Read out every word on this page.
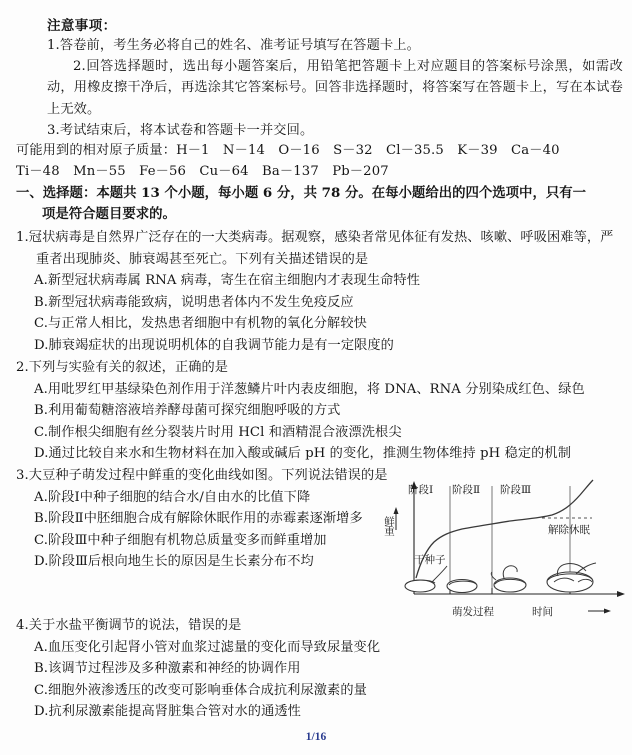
注意事项：
1.答卷前，考生务必将自己的姓名、准考证号填写在答题卡上。
2.回答选择题时，选出每小题答案后，用铅笔把答题卡上对应题目的答案标号涂黑，如需改动，用橡皮擦干净后，再选涂其它答案标号。回答非选择题时，将答案写在答题卡上，写在本试卷上无效。
3.考试结束后，将本试卷和答题卡一并交回。
可能用到的相对原子质量：H－1　N－14　O－16　S－32　Cl－35.5　K－39　Ca－40
Ti－48　Mn－55　Fe－56　Cu－64　Ba－137　Pb－207
一、选择题：本题共 13 个小题，每小题 6 分，共 78 分。在每小题给出的四个选项中，只有一
项是符合题目要求的。
1.冠状病毒是自然界广泛存在的一大类病毒。据观察，感染者常见体征有发热、咳嗽、呼吸困难等，严重者出现肺炎、肺衰竭甚至死亡。下列有关描述错误的是
A.新型冠状病毒属 RNA 病毒，寄生在宿主细胞内才表现生命特性
B.新型冠状病毒能致病，说明患者体内不发生免疫反应
C.与正常人相比，发热患者细胞中有机物的氧化分解较快
D.肺衰竭症状的出现说明机体的自我调节能力是有一定限度的
2.下列与实验有关的叙述，正确的是
A.用吡罗红甲基绿染色剂作用于洋葱鳞片叶内表皮细胞，将 DNA、RNA 分别染成红色、绿色
B.利用葡萄糖溶液培养酵母菌可探究细胞呼吸的方式
C.制作根尖细胞有丝分裂装片时用 HCl 和酒精混合液漂洗根尖
D.通过比较自来水和生物材料在加入酸或碱后 pH 的变化，推测生物体维持 pH 稳定的机制
3.大豆种子萌发过程中鲜重的变化曲线如图。下列说法错误的是
A.阶段Ⅰ中种子细胞的结合水/自由水的比值下降
B.阶段Ⅱ中胚细胞合成有解除休眠作用的赤霉素逐渐增多
C.阶段Ⅲ中种子细胞有机物总质量变多而鲜重增加
D.阶段Ⅲ后根向地生长的原因是生长素分布不均
阶段Ⅰ 阶段Ⅱ 阶段Ⅲ
鲜重	解除休眠
干种子
萌发过程	时间
4.关于水盐平衡调节的说法，错误的是
A.血压变化引起肾小管对血浆过滤量的变化而导致尿量变化
B.该调节过程涉及多种激素和神经的协调作用
C.细胞外液渗透压的改变可影响垂体合成抗利尿激素的量
D.抗利尿激素能提高肾脏集合管对水的通透性
1/16
